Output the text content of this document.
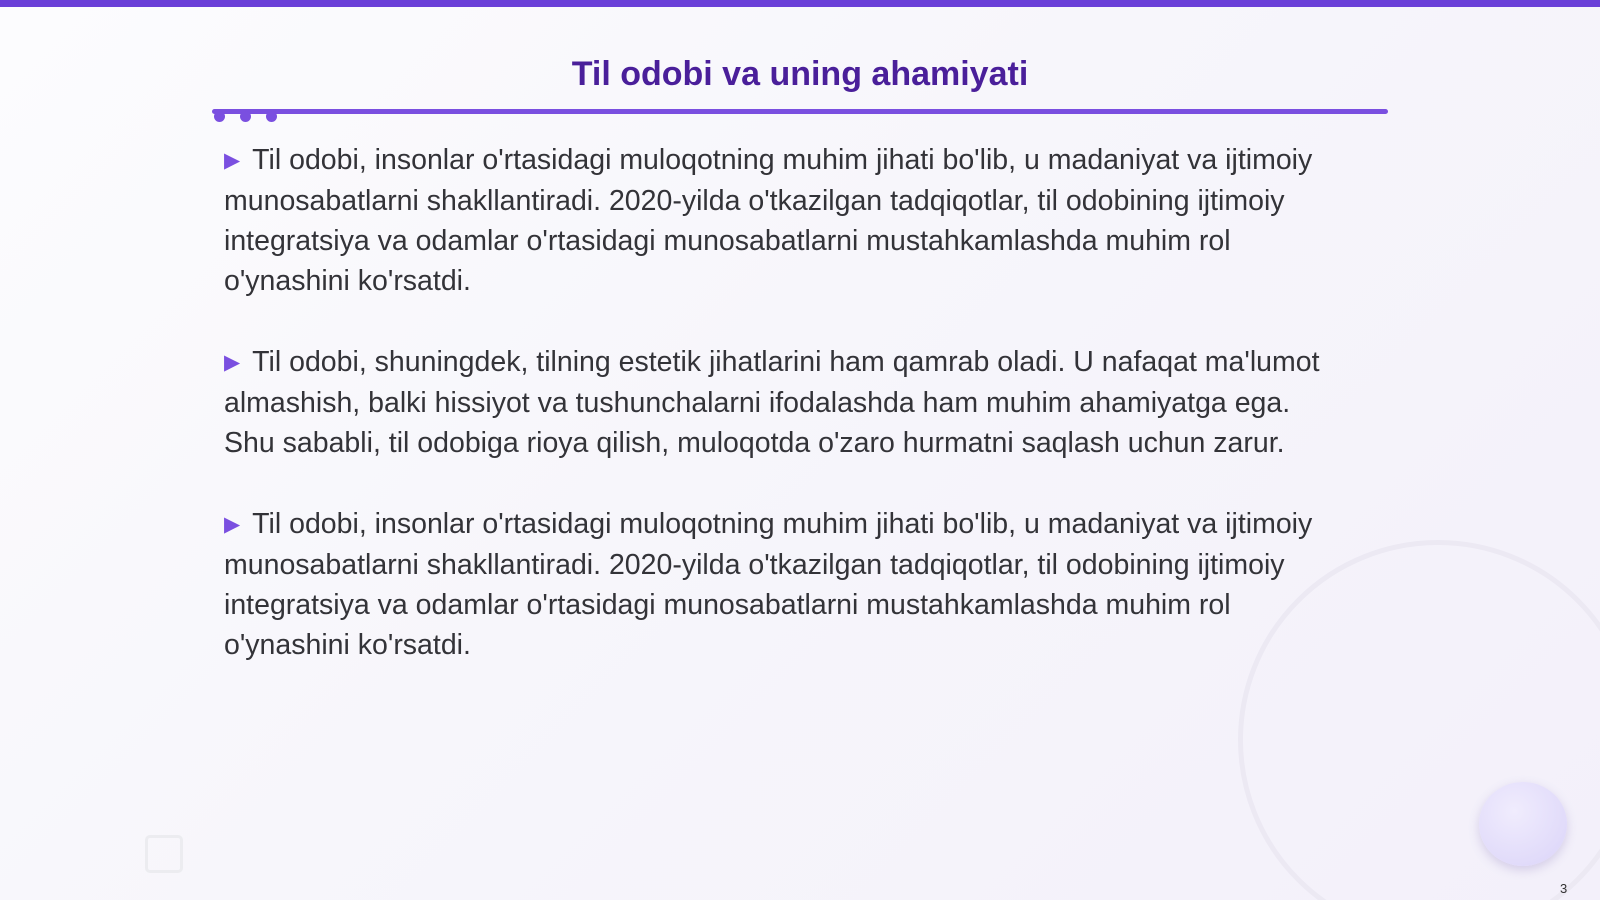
Til odobi va uning ahamiyati

▶ Til odobi, insonlar o'rtasidagi muloqotning muhim jihati bo'lib, u madaniyat va ijtimoiy munosabatlarni shakllantiradi. 2020-yilda o'tkazilgan tadqiqotlar, til odobining ijtimoiy integratsiya va odamlar o'rtasidagi munosabatlarni mustahkamlashda muhim rol o'ynashini ko'rsatdi.

▶ Til odobi, shuningdek, tilning estetik jihatlarini ham qamrab oladi. U nafaqat ma'lumot almashish, balki hissiyot va tushunchalarni ifodalashda ham muhim ahamiyatga ega. Shu sababli, til odobiga rioya qilish, muloqotda o'zaro hurmatni saqlash uchun zarur.

▶ Til odobi, insonlar o'rtasidagi muloqotning muhim jihati bo'lib, u madaniyat va ijtimoiy munosabatlarni shakllantiradi. 2020-yilda o'tkazilgan tadqiqotlar, til odobining ijtimoiy integratsiya va odamlar o'rtasidagi munosabatlarni mustahkamlashda muhim rol o'ynashini ko'rsatdi.

3
